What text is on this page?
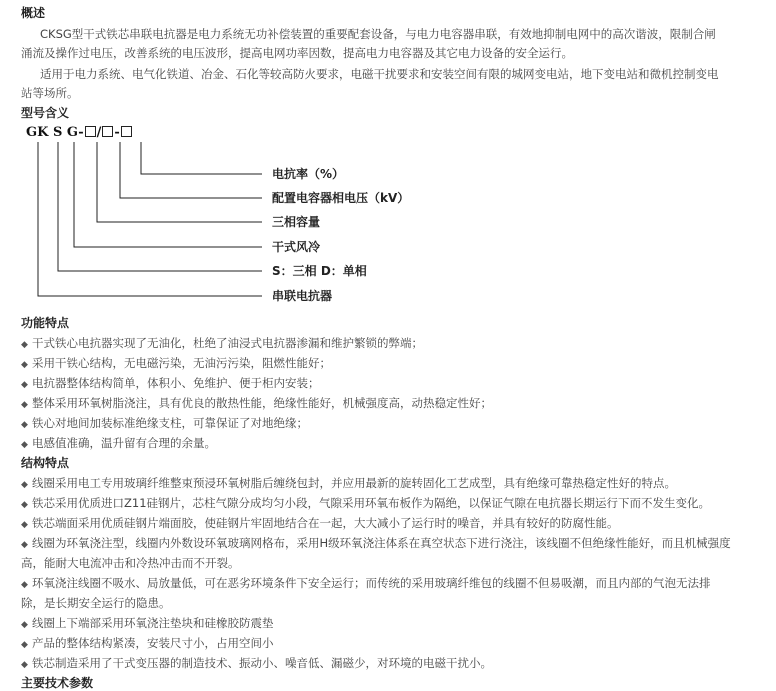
概述
CKSG型干式铁芯串联电抗器是电力系统无功补偿装置的重要配套设备，与电力电容器串联，有效地抑制电网中的高次谐波，限制合闸
涌流及操作过电压，改善系统的电压波形，提高电网功率因数，提高电力电容器及其它电力设备的安全运行。
适用于电力系统、电气化铁道、冶金、石化等较高防火要求，电磁干扰要求和安装空间有限的城网变电站，地下变电站和微机控制变电
站等场所。
型号含义
GK S G- / -
电抗率（%）
配置电容器相电压（kV）
三相容量
干式风冷
S：三相 D：单相
串联电抗器
功能特点
◆ 干式铁心电抗器实现了无油化，杜绝了油浸式电抗器渗漏和维护繁锁的弊端；
◆ 采用干铁心结构，无电磁污染，无油污污染，阻燃性能好；
◆ 电抗器整体结构简单，体积小、免维护、便于柜内安装；
◆ 整体采用环氧树脂浇注，具有优良的散热性能，绝缘性能好，机械强度高，动热稳定性好；
◆ 铁心对地间加装标准绝缘支柱，可靠保证了对地绝缘；
◆ 电感值准确，温升留有合理的余量。
结构特点
◆ 线圈采用电工专用玻璃纤维整束预浸环氧树脂后缠绕包封，并应用最新的旋转固化工艺成型，具有绝缘可靠热稳定性好的特点。
◆ 铁芯采用优质进口Z11硅钢片，芯柱气隙分成均匀小段，气隙采用环氧布板作为隔绝，以保证气隙在电抗器长期运行下而不发生变化。
◆ 铁芯端面采用优质硅钢片端面胶，使硅钢片牢固地结合在一起，大大减小了运行时的噪音，并具有较好的防腐性能。
◆ 线圈为环氧浇注型，线圈内外数设环氧玻璃网格布，采用H级环氧浇注体系在真空状态下进行浇注，该线圈不但绝缘性能好，而且机械强度
高，能耐大电流冲击和冷热冲击而不开裂。
◆ 环氧浇注线圈不吸水、局放量低，可在恶劣环境条件下安全运行；而传统的采用玻璃纤维包的线圈不但易吸潮，而且内部的气泡无法排
除，是长期安全运行的隐患。
◆ 线圈上下端部采用环氧浇注垫块和硅橡胶防震垫
◆ 产品的整体结构紧凑，安装尺寸小，占用空间小
◆ 铁芯制造采用了干式变压器的制造技术、振动小、噪音低、漏磁少，对环境的电磁干扰小。
主要技术参数
